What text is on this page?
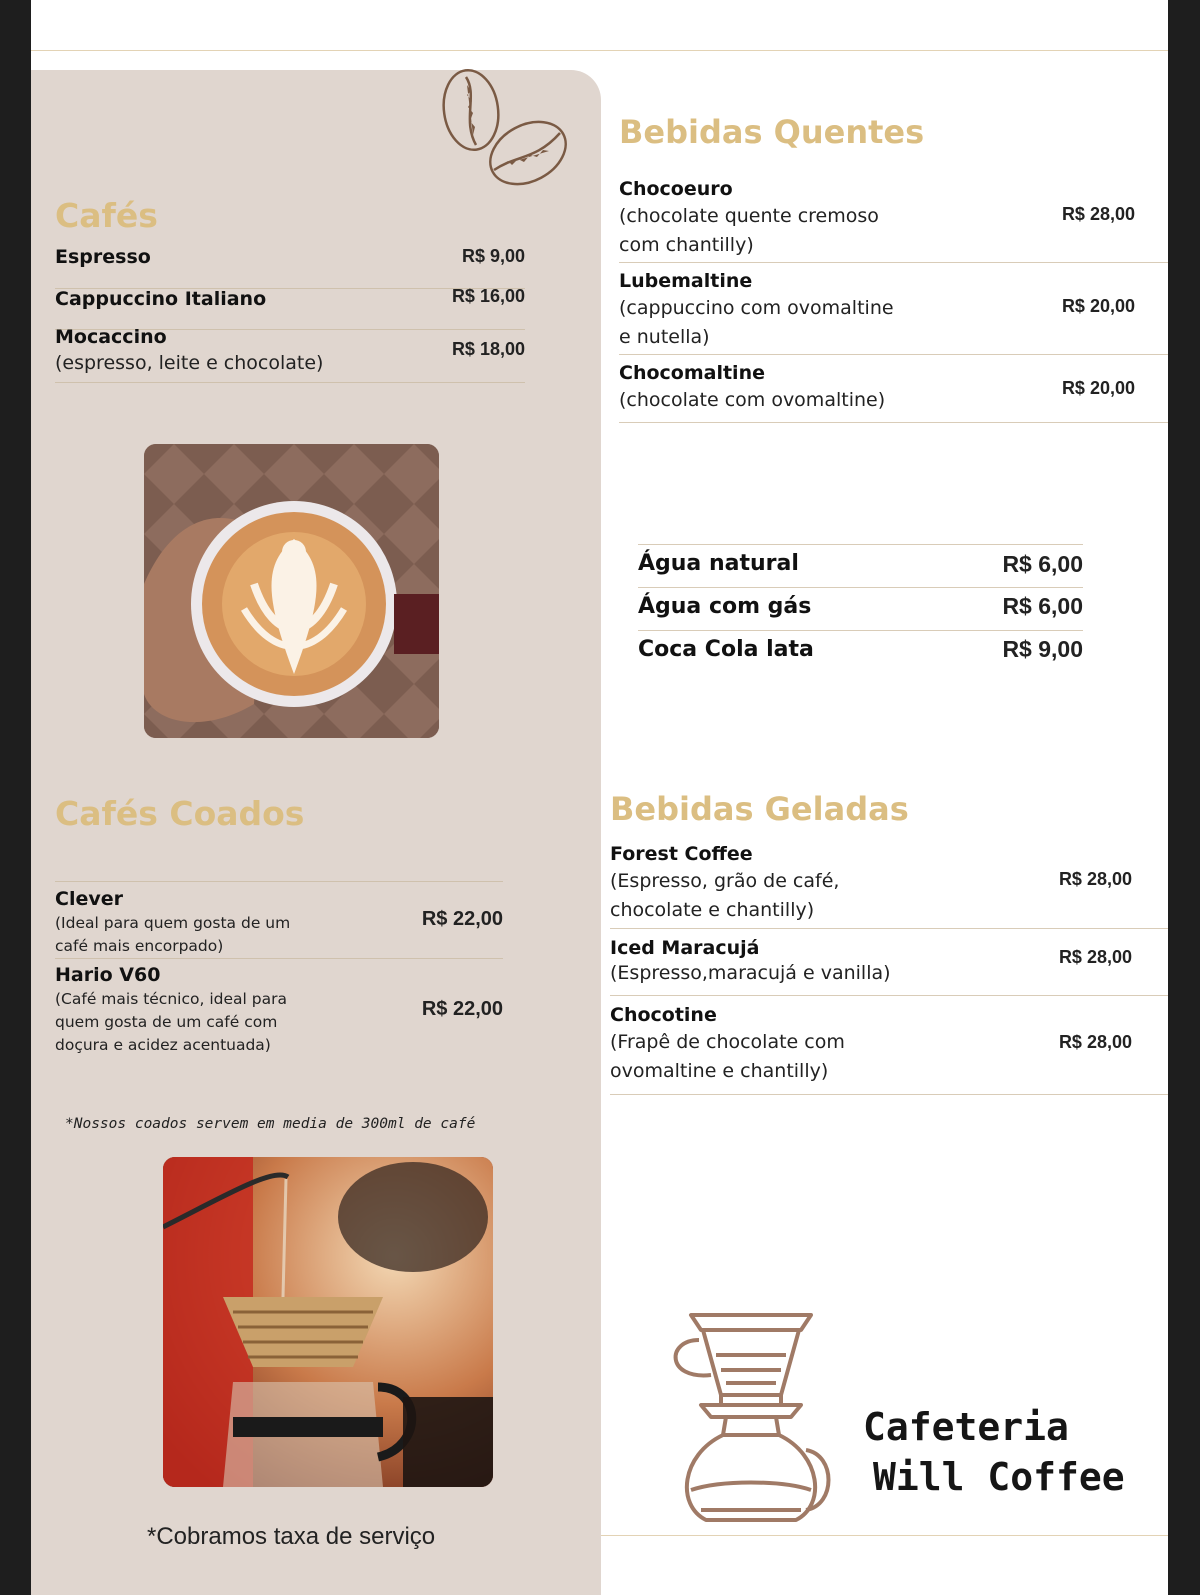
Cafés
Espresso	R$ 9,00
Cappuccino Italiano	R$ 16,00
Mocaccino
(espresso, leite e chocolate)
R$ 18,00
Cafés Coados
Clever
(Ideal para quem gosta de um
café mais encorpado)
R$ 22,00
Hario V60
(Café mais técnico, ideal para
quem gosta de um café com
doçura e acidez acentuada)
R$ 22,00
*Nossos coados servem em media de 300ml de café
*Cobramos taxa de serviço
Bebidas Quentes
Chocoeuro
(chocolate quente cremoso
com chantilly)
R$ 28,00
Lubemaltine
(cappuccino com ovomaltine
e nutella)
R$ 20,00
Chocomaltine
(chocolate com ovomaltine)
R$ 20,00
Água natural	R$ 6,00
Água com gás	R$ 6,00
Coca Cola lata	R$ 9,00
Bebidas Geladas
Forest Coffee
(Espresso, grão de café,
chocolate e chantilly)
R$ 28,00
Iced Maracujá
(Espresso,maracujá e vanilla)
R$ 28,00
Chocotine
(Frapê de chocolate com
ovomaltine e chantilly)
R$ 28,00
Cafeteria
Will Coffee
